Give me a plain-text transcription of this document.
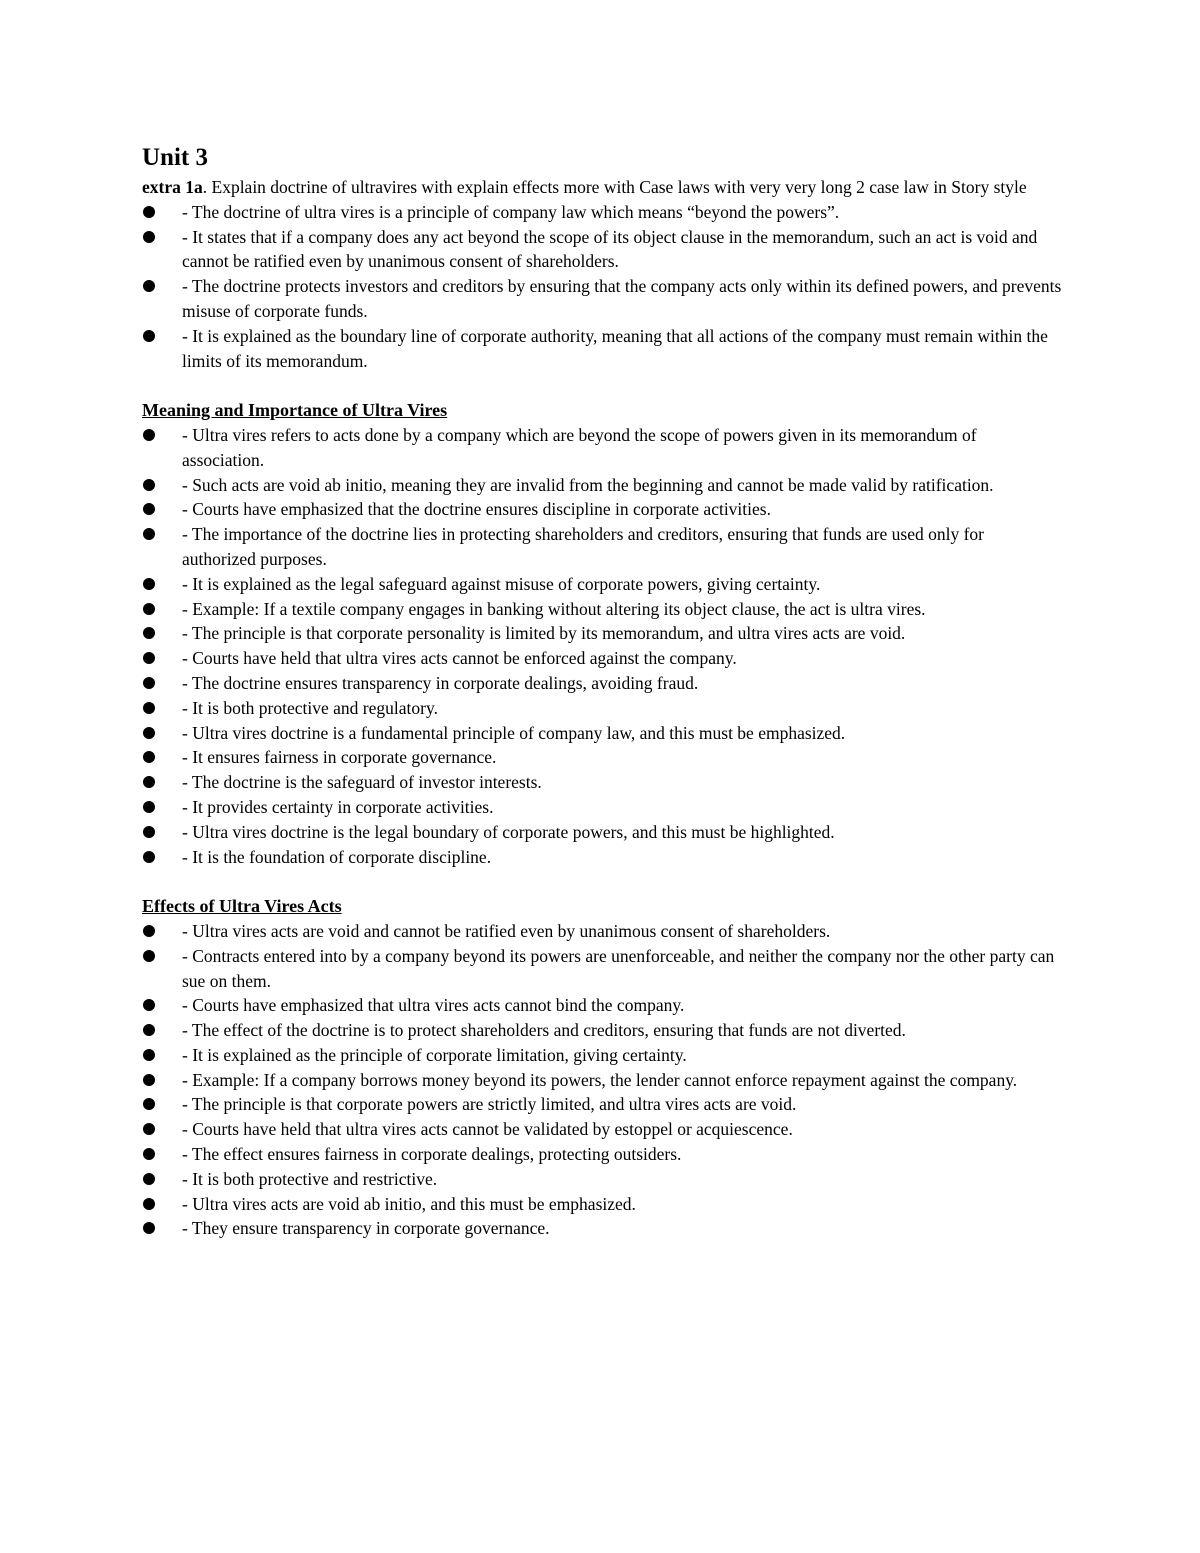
Unit 3

extra 1a. Explain doctrine of ultravires with explain effects more with Case laws with very very long 2 case law in Story style

- The doctrine of ultra vires is a principle of company law which means “beyond the powers”.
- It states that if a company does any act beyond the scope of its object clause in the memorandum, such an act is void and cannot be ratified even by unanimous consent of shareholders.
- The doctrine protects investors and creditors by ensuring that the company acts only within its defined powers, and prevents misuse of corporate funds.
- It is explained as the boundary line of corporate authority, meaning that all actions of the company must remain within the limits of its memorandum.
Meaning and Importance of Ultra Vires
- Ultra vires refers to acts done by a company which are beyond the scope of powers given in its memorandum of association.
- Such acts are void ab initio, meaning they are invalid from the beginning and cannot be made valid by ratification.
- Courts have emphasized that the doctrine ensures discipline in corporate activities.
- The importance of the doctrine lies in protecting shareholders and creditors, ensuring that funds are used only for authorized purposes.
- It is explained as the legal safeguard against misuse of corporate powers, giving certainty.
- Example: If a textile company engages in banking without altering its object clause, the act is ultra vires.
- The principle is that corporate personality is limited by its memorandum, and ultra vires acts are void.
- Courts have held that ultra vires acts cannot be enforced against the company.
- The doctrine ensures transparency in corporate dealings, avoiding fraud.
- It is both protective and regulatory.
- Ultra vires doctrine is a fundamental principle of company law, and this must be emphasized.
- It ensures fairness in corporate governance.
- The doctrine is the safeguard of investor interests.
- It provides certainty in corporate activities.
- Ultra vires doctrine is the legal boundary of corporate powers, and this must be highlighted.
- It is the foundation of corporate discipline.
Effects of Ultra Vires Acts
- Ultra vires acts are void and cannot be ratified even by unanimous consent of shareholders.
- Contracts entered into by a company beyond its powers are unenforceable, and neither the company nor the other party can sue on them.
- Courts have emphasized that ultra vires acts cannot bind the company.
- The effect of the doctrine is to protect shareholders and creditors, ensuring that funds are not diverted.
- It is explained as the principle of corporate limitation, giving certainty.
- Example: If a company borrows money beyond its powers, the lender cannot enforce repayment against the company.
- The principle is that corporate powers are strictly limited, and ultra vires acts are void.
- Courts have held that ultra vires acts cannot be validated by estoppel or acquiescence.
- The effect ensures fairness in corporate dealings, protecting outsiders.
- It is both protective and restrictive.
- Ultra vires acts are void ab initio, and this must be emphasized.
- They ensure transparency in corporate governance.
